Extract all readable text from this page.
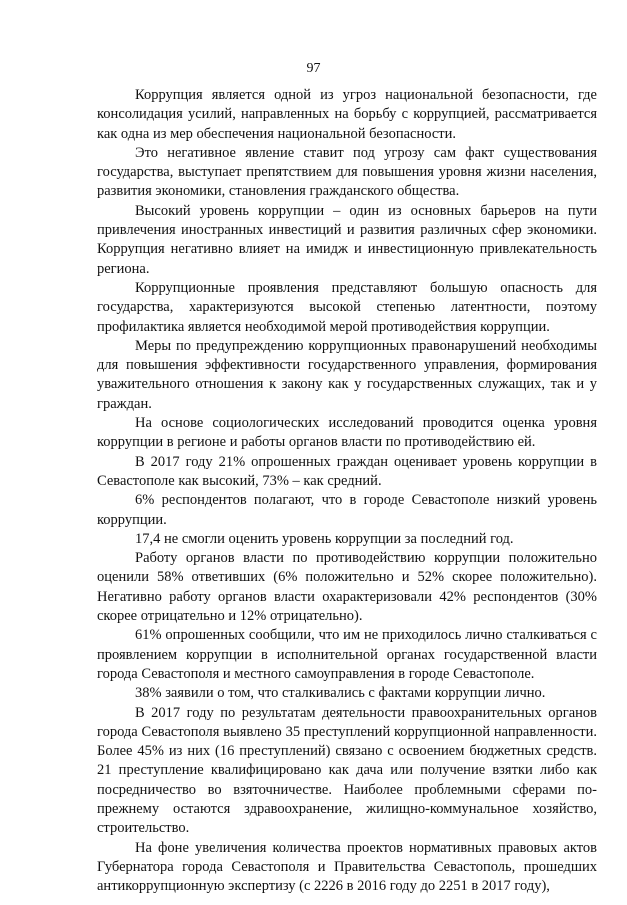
97

Коррупция является одной из угроз национальной безопасности, где консолидация усилий, направленных на борьбу с коррупцией, рассматривается как одна из мер обеспечения национальной безопасности.

Это негативное явление ставит под угрозу сам факт существования государства, выступает препятствием для повышения уровня жизни населения, развития экономики, становления гражданского общества.

Высокий уровень коррупции – один из основных барьеров на пути привлечения иностранных инвестиций и развития различных сфер экономики. Коррупция негативно влияет на имидж и инвестиционную привлекательность региона.

Коррупционные проявления представляют большую опасность для государства, характеризуются высокой степенью латентности, поэтому профилактика является необходимой мерой противодействия коррупции.

Меры по предупреждению коррупционных правонарушений необходимы для повышения эффективности государственного управления, формирования уважительного отношения к закону как у государственных служащих, так и у граждан.

На основе социологических исследований проводится оценка уровня коррупции в регионе и работы органов власти по противодействию ей.

В 2017 году 21% опрошенных граждан оценивает уровень коррупции в Севастополе как высокий, 73% – как средний.

6% респондентов полагают, что в городе Севастополе низкий уровень коррупции.

17,4 не смогли оценить уровень коррупции за последний год.

Работу органов власти по противодействию коррупции положительно оценили 58% ответивших (6% положительно и 52% скорее положительно). Негативно работу органов власти охарактеризовали 42% респондентов (30% скорее отрицательно и 12% отрицательно).

61% опрошенных сообщили, что им не приходилось лично сталкиваться с проявлением коррупции в исполнительной органах государственной власти города Севастополя и местного самоуправления в городе Севастополе.

38% заявили о том, что сталкивались с фактами коррупции лично.

В 2017 году по результатам деятельности правоохранительных органов города Севастополя выявлено 35 преступлений коррупционной направленности. Более 45% из них (16 преступлений) связано с освоением бюджетных средств. 21 преступление квалифицировано как дача или получение взятки либо как посредничество во взяточничестве. Наиболее проблемными сферами по-прежнему остаются здравоохранение, жилищно-коммунальное хозяйство, строительство.

На фоне увеличения количества проектов нормативных правовых актов Губернатора города Севастополя и Правительства Севастополь, прошедших антикоррупционную экспертизу (с 2226 в 2016 году до 2251 в 2017 году),
